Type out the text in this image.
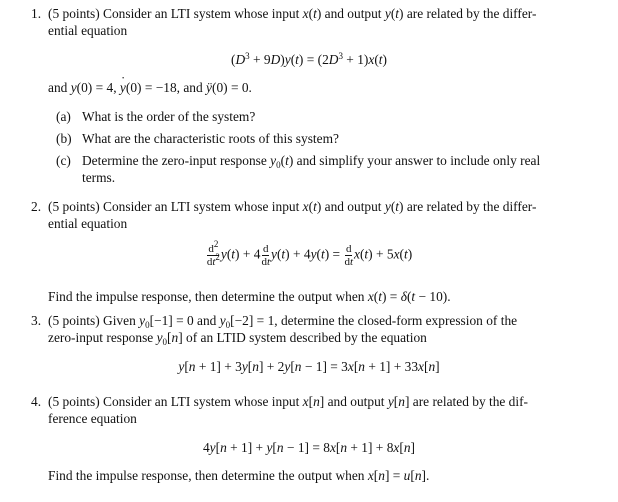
1. (5 points) Consider an LTI system whose input x(t) and output y(t) are related by the differ-
ential equation
$(D^3 + 9D)y(t) = (2D^3 + 1)x(t)$
and y(0) = 4, y ˙(0) = −18, and ÿ(0) = 0.
(a) What is the order of the system?
(b) What are the characteristic roots of this system?
(c) Determine the zero-input response $y_0(t)$ and simplify your answer to include only real
terms.
2. (5 points) Consider an LTI system whose input x(t) and output y(t) are related by the differ-
ential equation
$\frac{d^2}{dt^2} y(t) + 4 \frac{d}{dt} y(t) + 4y(t) = \frac{d}{dt} x(t) + 5x(t)$
Find the impulse response, then determine the output when x(t) = δ(t − 10).
3. (5 points) Given $y_0[-1] = 0$ and $y_0[-2] = 1$, determine the closed-form expression of the
zero-input response $y_0[n]$ of an LTID system described by the equation
y[n + 1] + 3y[n] + 2y[n − 1] = 3x[n + 1] + 33x[n]
4. (5 points) Consider an LTI system whose input x[n] and output y[n] are related by the dif-
ference equation
4y[n + 1] + y[n − 1] = 8x[n + 1] + 8x[n]
Find the impulse response, then determine the output when x[n] = u[n].
